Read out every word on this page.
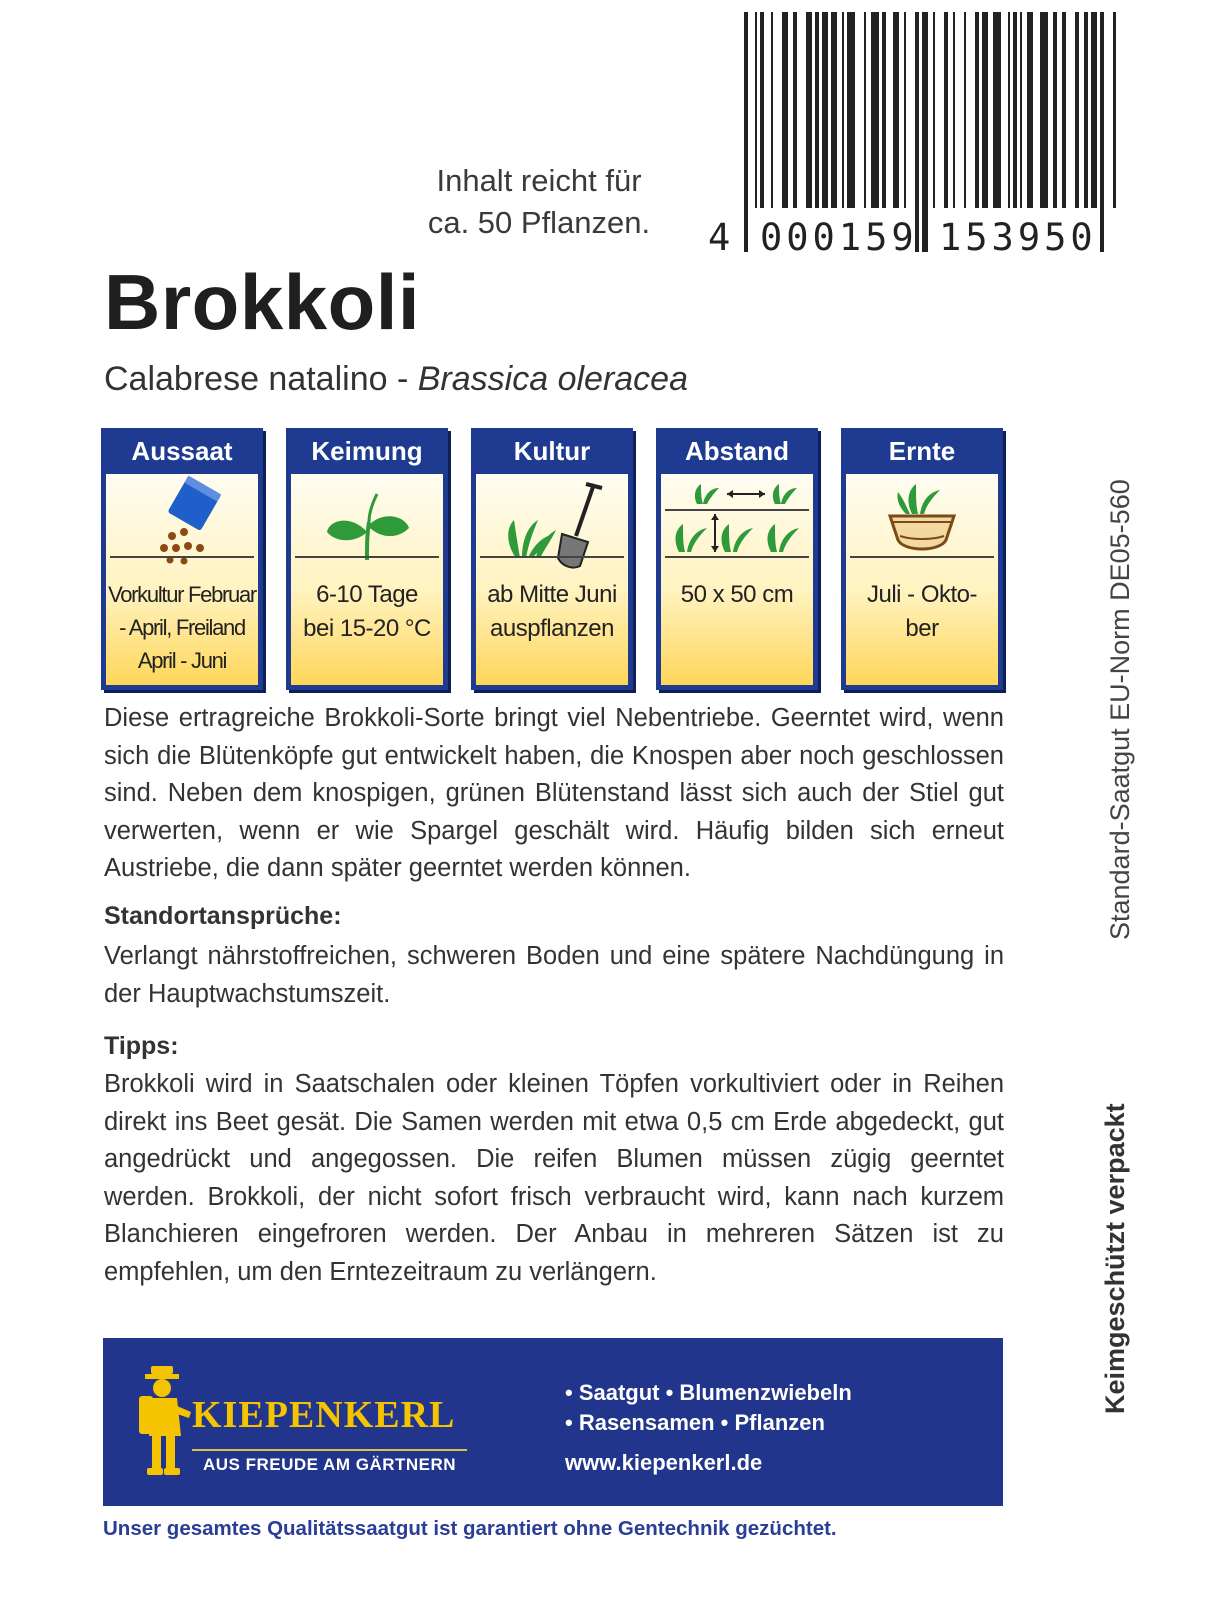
4 000159 153950
Inhalt reicht für
ca. 50 Pflanzen.
Brokkoli
Calabrese natalino - Brassica oleracea
Aussaat
Vorkultur Februar
- April, Freiland
April - Juni
Keimung
6-10 Tage
bei 15-20 °C
Kultur
ab Mitte Juni
auspflanzen
Abstand
50 x 50 cm
Ernte
Juli - Okto-
ber
Diese ertragreiche Brokkoli-Sorte bringt viel Nebentriebe. Geerntet wird, wenn sich die Blütenköpfe gut entwickelt haben, die Knospen aber noch geschlossen sind. Neben dem knospigen, grünen Blütenstand lässt sich auch der Stiel gut verwerten, wenn er wie Spargel geschält wird. Häufig bilden sich erneut Austriebe, die dann später geerntet werden können.
Standortansprüche:
Verlangt nährstoffreichen, schweren Boden und eine spätere Nachdüngung in der Hauptwachstumszeit.
Tipps:
Brokkoli wird in Saatschalen oder kleinen Töpfen vorkultiviert oder in Reihen direkt ins Beet gesät. Die Samen werden mit etwa 0,5 cm Erde abgedeckt, gut angedrückt und angegossen. Die reifen Blumen müssen zügig geerntet werden. Brokkoli, der nicht sofort frisch verbraucht wird, kann nach kurzem Blanchieren eingefroren werden. Der Anbau in mehreren Sätzen ist zu empfehlen, um den Erntezeitraum zu verlängern.
Standard-Saatgut EU-Norm DE05-560
Keimgeschützt verpackt
KIEPENKERL
AUS FREUDE AM GÄRTNERN
• Saatgut • Blumenzwiebeln
• Rasensamen • Pflanzen
www.kiepenkerl.de
Unser gesamtes Qualitätssaatgut ist garantiert ohne Gentechnik gezüchtet.
